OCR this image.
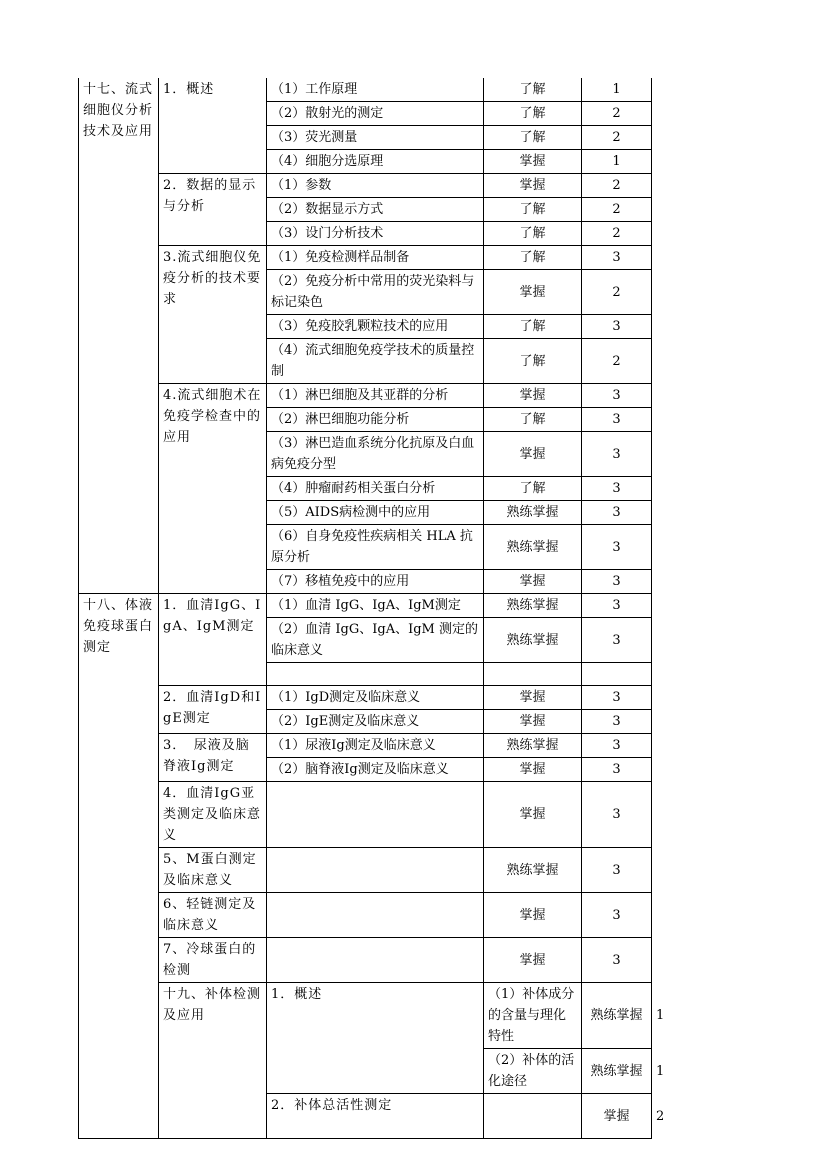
十七、流式细胞仪分析技术及应用	1．概述	（1）工作原理	了解	1	
		（2）散射光的测定	了解	2	
		（3）荧光测量	了解	2	
		（4）细胞分选原理	掌握	1	
	2．数据的显示与分析	（1）参数	掌握	2	
		（2）数据显示方式	了解	2	
		（3）设门分析技术	了解	2	
	3.流式细胞仪免疫分析的技术要求	（1）免疫检测样品制备	了解	3	
		（2）免疫分析中常用的荧光染料与标记染色	掌握	2	
		（3）免疫胶乳颗粒技术的应用	了解	3	
		（4）流式细胞免疫学技术的质量控制	了解	2	
	4.流式细胞术在免疫学检查中的应用	（1）淋巴细胞及其亚群的分析	掌握	3	
		（2）淋巴细胞功能分析	了解	3	
		（3）淋巴造血系统分化抗原及白血病免疫分型	掌握	3	
		（4）肿瘤耐药相关蛋白分析	了解	3	
		（5）AIDS病检测中的应用	熟练掌握	3	
		（6）自身免疫性疾病相关 HLA 抗原分析	熟练掌握	3	
		（7）移植免疫中的应用	掌握	3	
十八、体液免疫球蛋白测定	1．血清IgG、IgA、IgM测定	（1）血清 IgG、IgA、IgM测定	熟练掌握	3	
		（2）血清 IgG、IgA、IgM 测定的临床意义	熟练掌握	3	

	2．血清IgD和IgE测定	（1）IgD测定及临床意义	掌握	3	
		（2）IgE测定及临床意义	掌握	3	
	3．　尿液及脑脊液Ig测定	（1）尿液Ig测定及临床意义	熟练掌握	3	
		（2）脑脊液Ig测定及临床意义	掌握	3	
	4．血清IgG亚类测定及临床意义		掌握	3	
	5、M蛋白测定及临床意义		熟练掌握	3	
	6、轻链测定及临床意义		掌握	3	
	7、冷球蛋白的检测		掌握	3	
	十九、补体检测及应用	1．概述	（1）补体成分的含量与理化特性	熟练掌握	1
			（2）补体的活化途径	熟练掌握	1
		2．补体总活性测定		掌握	2
